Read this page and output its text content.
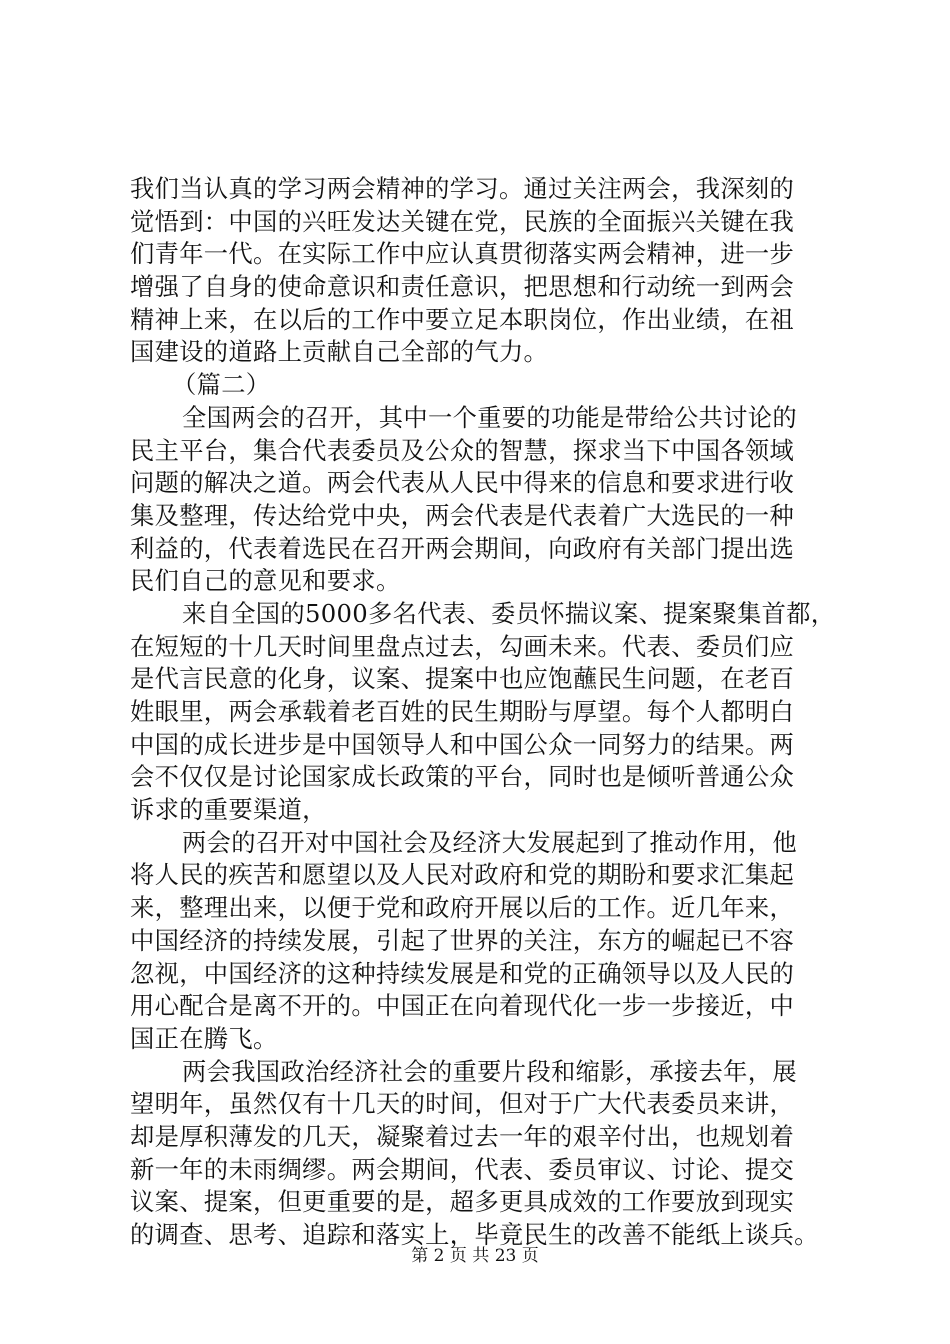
我们当认真的学习两会精神的学习。通过关注两会，我深刻的
觉悟到：中国的兴旺发达关键在党，民族的全面振兴关键在我
们青年一代。在实际工作中应认真贯彻落实两会精神，进一步
增强了自身的使命意识和责任意识，把思想和行动统一到两会
精神上来，在以后的工作中要立足本职岗位，作出业绩，在祖
国建设的道路上贡献自己全部的气力。
（篇二）
全国两会的召开，其中一个重要的功能是带给公共讨论的
民主平台，集合代表委员及公众的智慧，探求当下中国各领域
问题的解决之道。两会代表从人民中得来的信息和要求进行收
集及整理，传达给党中央，两会代表是代表着广大选民的一种
利益的，代表着选民在召开两会期间，向政府有关部门提出选
民们自己的意见和要求。
来自全国的5000多名代表、委员怀揣议案、提案聚集首都，
在短短的十几天时间里盘点过去，勾画未来。代表、委员们应
是代言民意的化身，议案、提案中也应饱蘸民生问题，在老百
姓眼里，两会承载着老百姓的民生期盼与厚望。每个人都明白
中国的成长进步是中国领导人和中国公众一同努力的结果。两
会不仅仅是讨论国家成长政策的平台，同时也是倾听普通公众
诉求的重要渠道，
两会的召开对中国社会及经济大发展起到了推动作用，他
将人民的疾苦和愿望以及人民对政府和党的期盼和要求汇集起
来，整理出来，以便于党和政府开展以后的工作。近几年来，
中国经济的持续发展，引起了世界的关注，东方的崛起已不容
忽视，中国经济的这种持续发展是和党的正确领导以及人民的
用心配合是离不开的。中国正在向着现代化一步一步接近，中
国正在腾飞。
两会我国政治经济社会的重要片段和缩影，承接去年，展
望明年，虽然仅有十几天的时间，但对于广大代表委员来讲，
却是厚积薄发的几天，凝聚着过去一年的艰辛付出，也规划着
新一年的未雨绸缪。两会期间，代表、委员审议、讨论、提交
议案、提案，但更重要的是，超多更具成效的工作要放到现实
的调查、思考、追踪和落实上，毕竟民生的改善不能纸上谈兵。
第 2 页 共 23 页
